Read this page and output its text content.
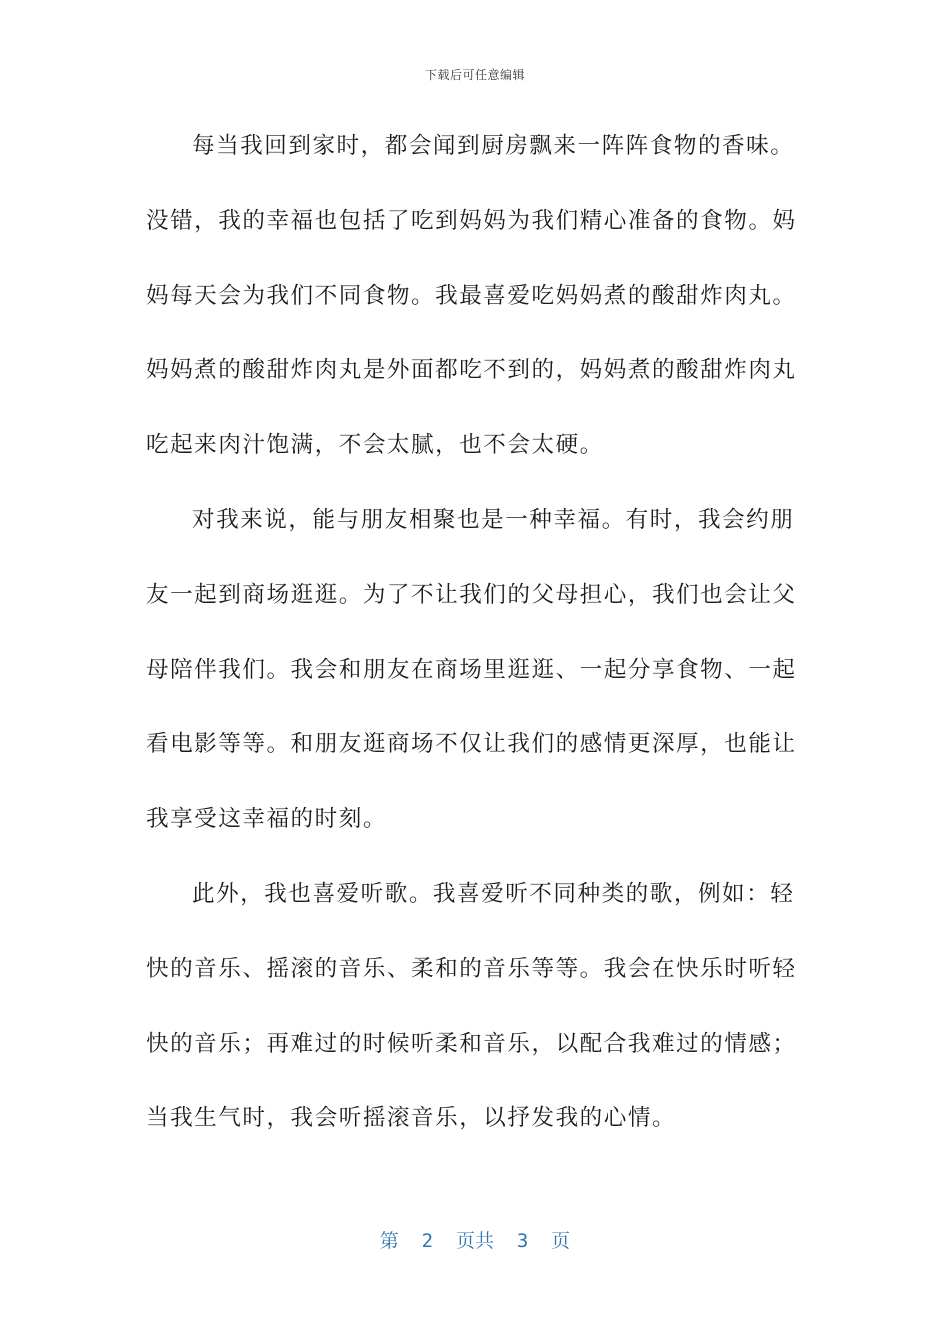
下载后可任意编辑
每当我回到家时，都会闻到厨房飘来一阵阵食物的香味。
没错，我的幸福也包括了吃到妈妈为我们精心准备的食物。妈
妈每天会为我们不同食物。我最喜爱吃妈妈煮的酸甜炸肉丸。
妈妈煮的酸甜炸肉丸是外面都吃不到的，妈妈煮的酸甜炸肉丸
吃起来肉汁饱满，不会太腻，也不会太硬。
对我来说，能与朋友相聚也是一种幸福。有时，我会约朋
友一起到商场逛逛。为了不让我们的父母担心，我们也会让父
母陪伴我们。我会和朋友在商场里逛逛、一起分享食物、一起
看电影等等。和朋友逛商场不仅让我们的感情更深厚，也能让
我享受这幸福的时刻。
此外，我也喜爱听歌。我喜爱听不同种类的歌，例如：轻
快的音乐、摇滚的音乐、柔和的音乐等等。我会在快乐时听轻
快的音乐；再难过的时候听柔和音乐，以配合我难过的情感；
当我生气时，我会听摇滚音乐，以抒发我的心情。
第  2  页共  3  页
